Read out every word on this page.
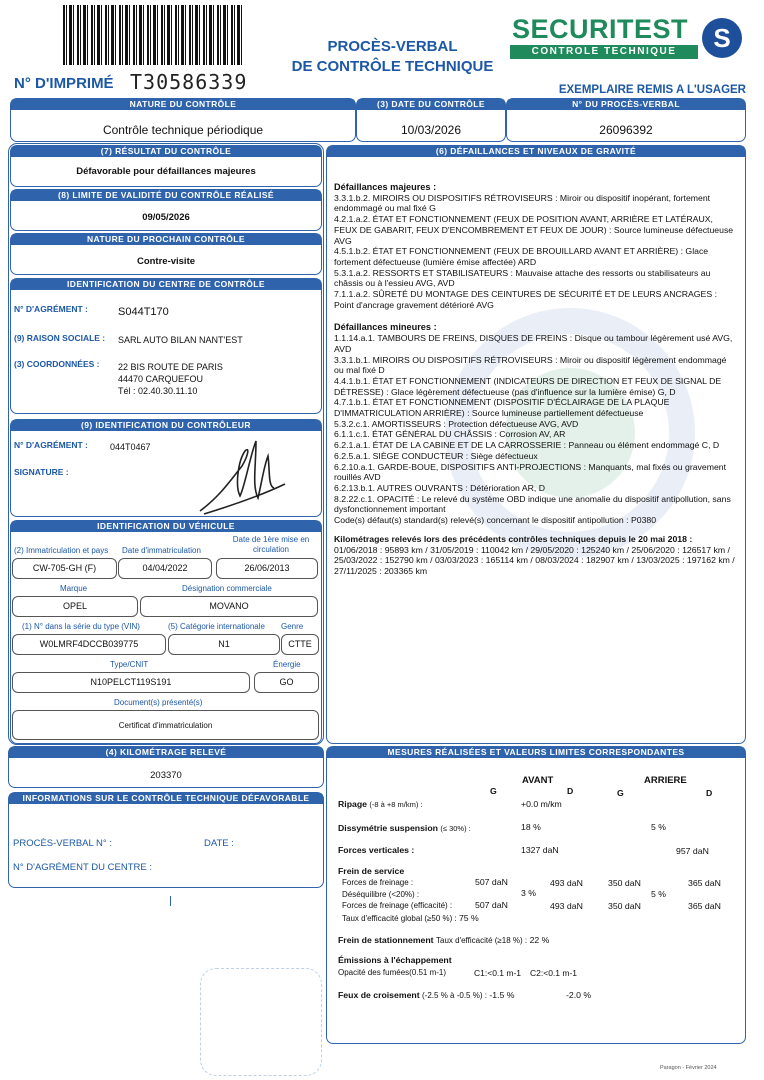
N° D'IMPRIMÉ T30586339
PROCÈS-VERBAL
DE CONTRÔLE TECHNIQUE
SECURITEST
CONTROLE TECHNIQUE	S
EXEMPLAIRE REMIS A L'USAGER
NATURE DU CONTRÔLE
Contrôle technique périodique
(3) DATE DU CONTRÔLE
10/03/2026
N° DU PROCÈS-VERBAL
26096392
(7) RÉSULTAT DU CONTRÔLE
Défavorable pour défaillances majeures
(8) LIMITE DE VALIDITÉ DU CONTRÔLE RÉALISÉ
09/05/2026
NATURE DU PROCHAIN CONTRÔLE
Contre-visite
IDENTIFICATION DU CENTRE DE CONTRÔLE
N° D'AGRÉMENT :	S044T170
(9) RAISON SOCIALE : SARL AUTO BILAN NANT'EST
(3) COORDONNÉES : 22 BIS ROUTE DE PARIS
44470 CARQUEFOU
Tél : 02.40.30.11.10
(9) IDENTIFICATION DU CONTRÔLEUR
N° D'AGRÉMENT : 044T0467
SIGNATURE :
IDENTIFICATION DU VÉHICULE
(2) Immatriculation et pays Date d'immatriculation
Date de 1ère mise en circulation
CW-705-GH (F)	04/04/2022	26/06/2013
Marque	Désignation commerciale
OPEL	MOVANO
(1) N° dans la série du type (VIN)	(5) Catégorie internationale Genre
W0LMRF4DCCB039775	N1	CTTE
Type/CNIT	Énergie
N10PELCT119S191	GO
Document(s) présenté(s)
Certificat d'immatriculation
(4) KILOMÉTRAGE RELEVÉ
203370
INFORMATIONS SUR LE CONTRÔLE TECHNIQUE DÉFAVORABLE
PROCÈS-VERBAL N° :	DATE :
N° D'AGRÉMENT DU CENTRE :
(6) DÉFAILLANCES ET NIVEAUX DE GRAVITÉ
Défaillances majeures :

3.3.1.b.2. MIROIRS OU DISPOSITIFS RÉTROVISEURS : Miroir ou dispositif inopérant, fortement endommagé ou mal fixé G

4.2.1.a.2. ÉTAT ET FONCTIONNEMENT (FEUX DE POSITION AVANT, ARRIÈRE ET LATÉRAUX, FEUX DE GABARIT, FEUX D'ENCOMBREMENT ET FEUX DE JOUR) : Source lumineuse défectueuse AVG

4.5.1.b.2. ÉTAT ET FONCTIONNEMENT (FEUX DE BROUILLARD AVANT ET ARRIÈRE) : Glace fortement défectueuse (lumière émise affectée) ARD

5.3.1.a.2. RESSORTS ET STABILISATEURS : Mauvaise attache des ressorts ou stabilisateurs au châssis ou à l'essieu AVG, AVD

7.1.1.a.2. SÛRETÉ DU MONTAGE DES CEINTURES DE SÉCURITÉ ET DE LEURS ANCRAGES : Point d'ancrage gravement détérioré AVG

Défaillances mineures :

1.1.14.a.1. TAMBOURS DE FREINS, DISQUES DE FREINS : Disque ou tambour légèrement usé AVG, AVD

3.3.1.b.1. MIROIRS OU DISPOSITIFS RÉTROVISEURS : Miroir ou dispositif légèrement endommagé ou mal fixé D

4.4.1.b.1. ÉTAT ET FONCTIONNEMENT (INDICATEURS DE DIRECTION ET FEUX DE SIGNAL DE DÉTRESSE) : Glace légèrement défectueuse (pas d'influence sur la lumière émise) G, D

4.7.1.b.1. ÉTAT ET FONCTIONNEMENT (DISPOSITIF D'ÉCLAIRAGE DE LA PLAQUE D'IMMATRICULATION ARRIÈRE) : Source lumineuse partiellement défectueuse

5.3.2.c.1. AMORTISSEURS : Protection défectueuse AVG, AVD

6.1.1.c.1. ÉTAT GÉNÉRAL DU CHÂSSIS : Corrosion AV, AR

6.2.1.a.1. ÉTAT DE LA CABINE ET DE LA CARROSSERIE : Panneau ou élément endommagé C, D

6.2.5.a.1. SIÈGE CONDUCTEUR : Siège défectueux

6.2.10.a.1. GARDE-BOUE, DISPOSITIFS ANTI-PROJECTIONS : Manquants, mal fixés ou gravement rouillés AVD

6.2.13.b.1. AUTRES OUVRANTS : Détérioration AR, D

8.2.22.c.1. OPACITÉ : Le relevé du système OBD indique une anomalie du dispositif antipollution, sans dysfonctionnement important

Code(s) défaut(s) standard(s) relevé(s) concernant le dispositif antipollution : P0380

Kilométrages relevés lors des précédents contrôles techniques depuis le 20 mai 2018 : 01/06/2018 : 95893 km / 31/05/2019 : 110042 km / 29/05/2020 : 125240 km / 25/06/2020 : 126517 km / 25/03/2022 : 152790 km / 03/03/2023 : 165114 km / 08/03/2024 : 182907 km / 13/03/2025 : 197162 km / 27/11/2025 : 203365 km
MESURES RÉALISÉES ET VALEURS LIMITES CORRESPONDANTES
AVANT	ARRIERE
G	D	G	D
Ripage (-8 à +8 m/km) :	+0.0 m/km
Dissymétrie suspension (≤ 30%) :	18 %	5 %
Forces verticales :	1327 daN	957 daN
Frein de service
Forces de freinage :	507 daN	493 daN	350 daN	365 daN
Déséquilibre (<20%) :	3 %	5 %
Forces de freinage (efficacité) :	507 daN	493 daN	350 daN	365 daN
Taux d'efficacité global (≥50 %) : 75 %
Frein de stationnement Taux d'efficacité (≥18 %) : 22 %
Émissions à l'échappement
Opacité des fumées(0.51 m-1)	C1:<0.1 m-1 C2:<0.1 m-1
Feux de croisement (-2.5 % à -0.5 %) : -1.5 %	-2.0 %
Paragon - Février 2024
